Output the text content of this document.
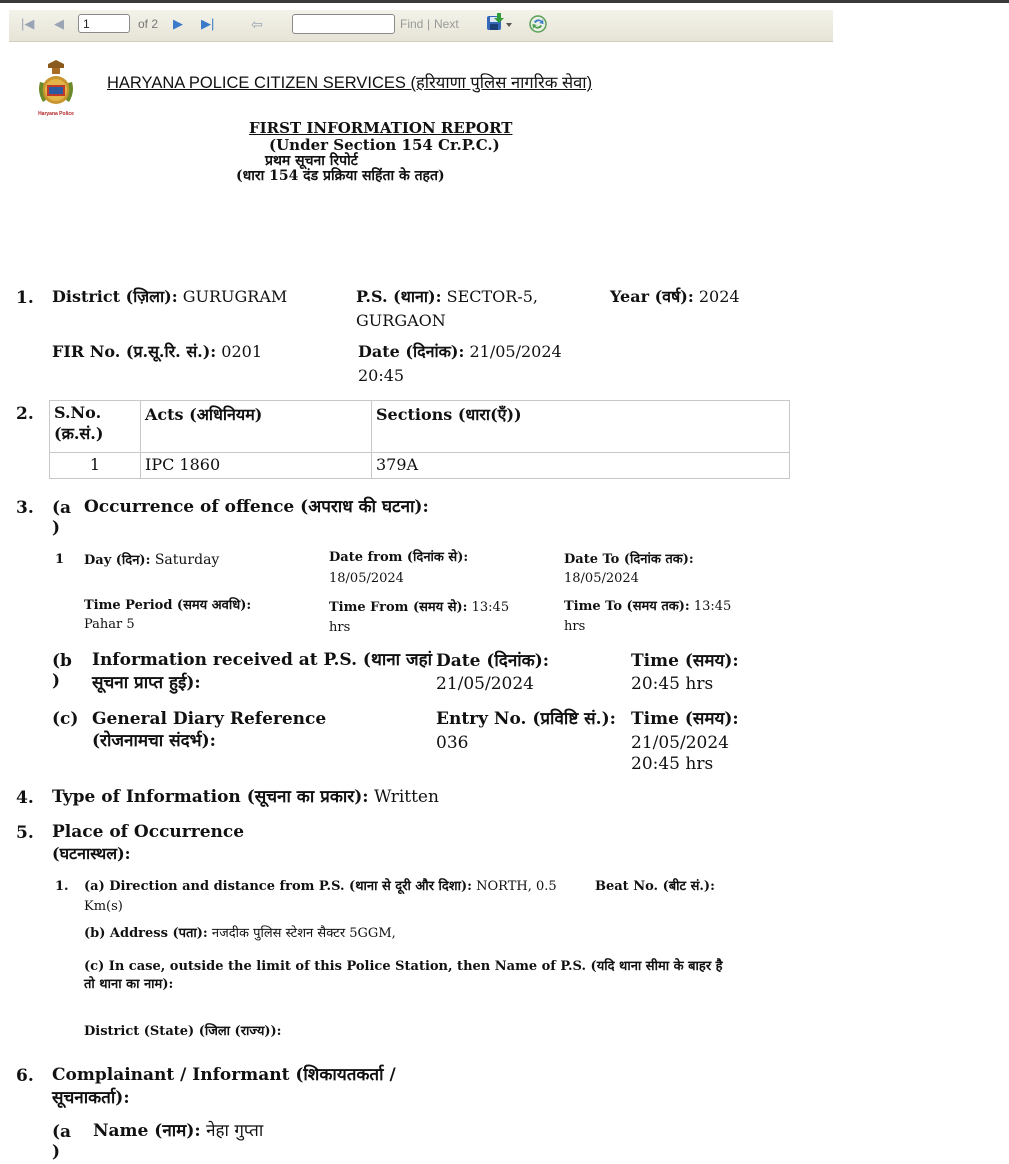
|◀ ◀
1	of 2 ▶ ▶|	⇦	Find | Next
Haryana Police
HARYANA POLICE CITIZEN SERVICES (हरियाणा पुलिस नागरिक सेवा)
FIRST INFORMATION REPORT
(Under Section 154 Cr.P.C.)
प्रथम सूचना रिपोर्ट
(धारा 154 दंड प्रक्रिया सहिंता के तहत)
1. District (ज़िला): GURUGRAM	P.S. (थाना): SECTOR-5,
GURGAON
Year (वर्ष): 2024
FIR No. (प्र.सू.रि. सं.): 0201	Date (दिनांक): 21/05/2024
20:45
2. S.No.
(क्र.सं.)	Acts (अधिनियम)	Sections (धारा(एँ))
1	IPC 1860	379A
3. (a
)
Occurrence of offence (अपराध की घटना):
1 Day (दिन): Saturday	Date from (दिनांक से):
18/05/2024
Date To (दिनांक तक):
18/05/2024
Time Period (समय अवधि):
Pahar 5
Time From (समय से): 13:45
hrs
Time To (समय तक): 13:45
hrs
(b
)
Information received at P.S. (थाना जहां
सूचना प्राप्त हुई):
Date (दिनांक):
21/05/2024
Time (समय):
20:45 hrs
(c) General Diary Reference
(रोजनामचा संदर्भ):
Entry No. (प्रविष्टि सं.):
036
Time (समय):
21/05/2024
20:45 hrs
4. Type of Information (सूचना का प्रकार): Written
5. Place of Occurrence
(घटनास्थल):
1. (a) Direction and distance from P.S. (थाना से दूरी और दिशा): NORTH, 0.5	Beat No. (बीट सं.):
Km(s)
(b) Address (पता): नजदीक पुलिस स्टेशन सैक्टर 5GGM,
(c) In case, outside the limit of this Police Station, then Name of P.S. (यदि थाना सीमा के बाहर है
तो थाना का नाम):
District (State) (जिला (राज्य)):
6. Complainant / Informant (शिकायतकर्ता /
सूचनाकर्ता):
(a
)
Name (नाम): नेहा गुप्ता
